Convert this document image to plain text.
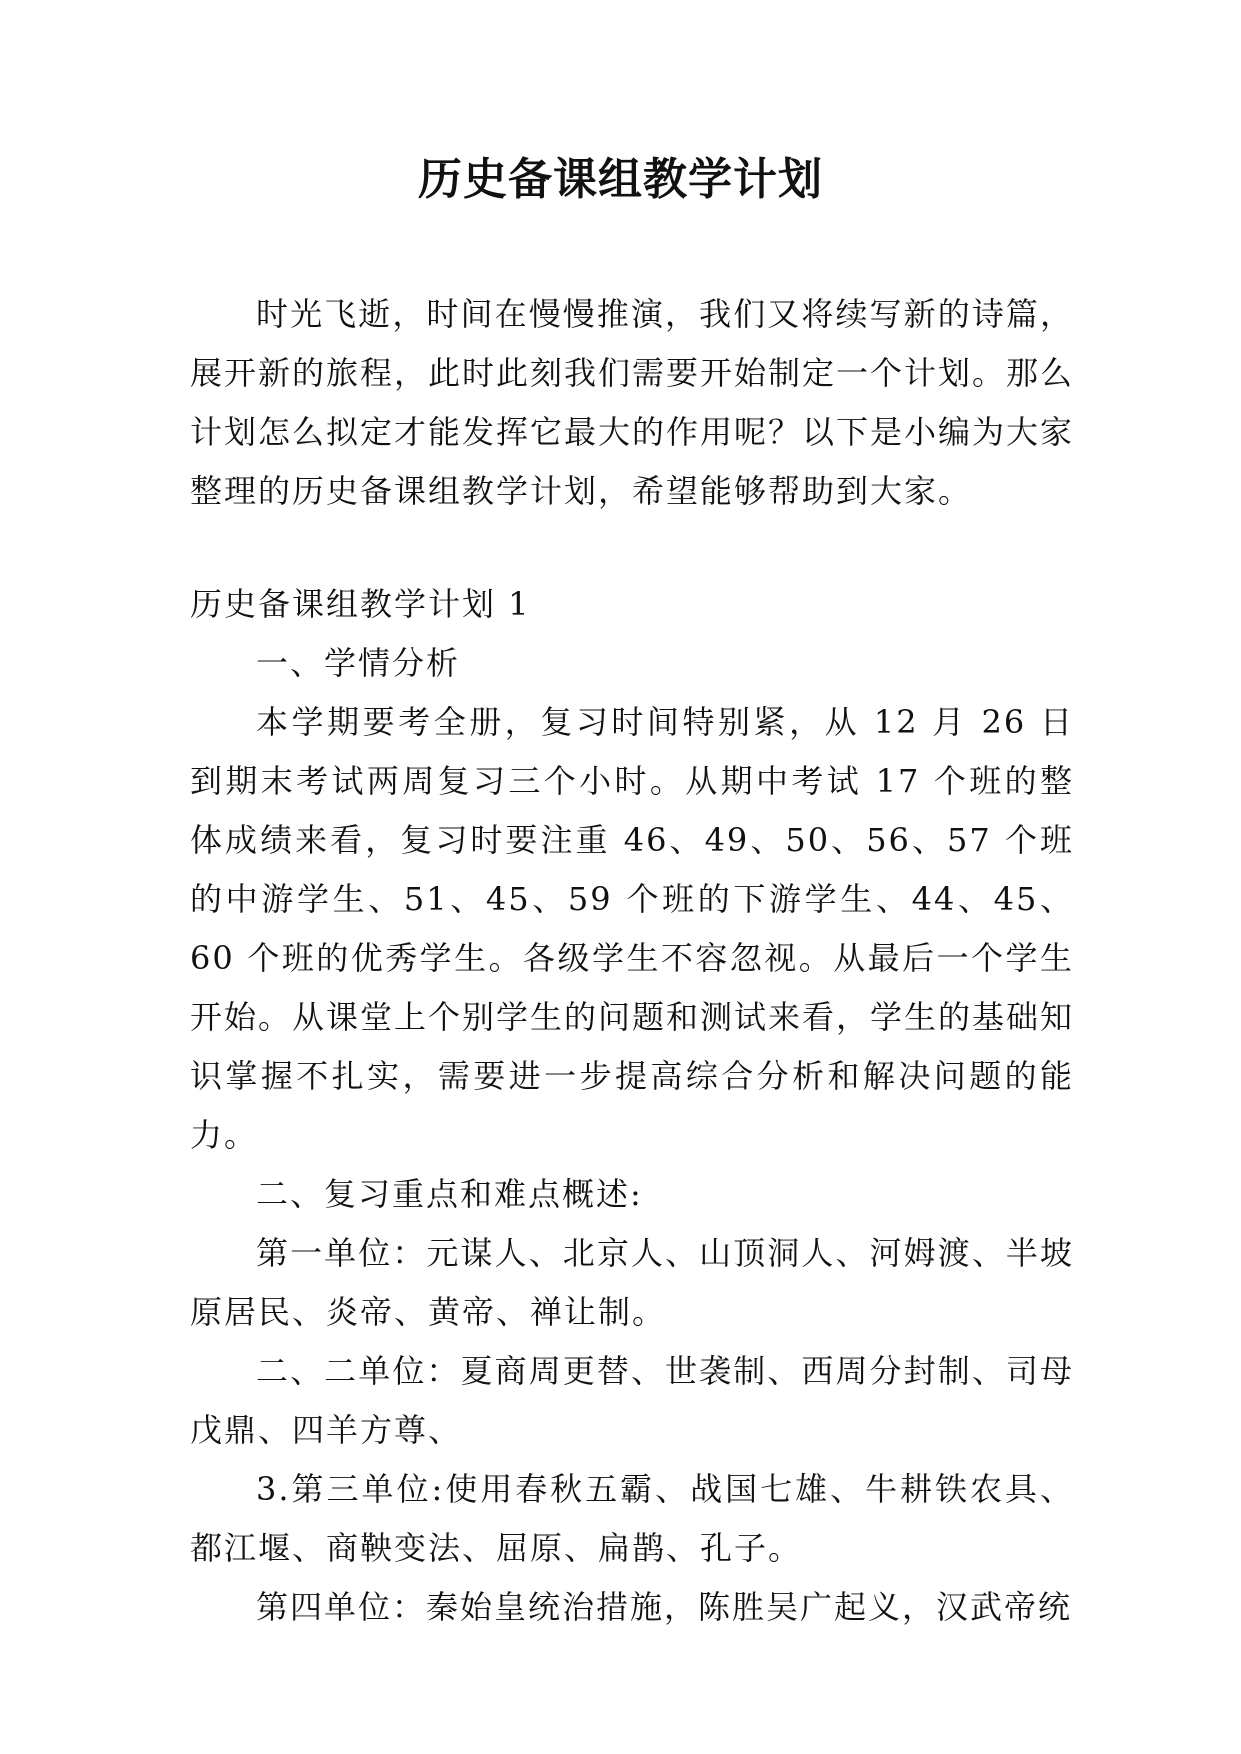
历史备课组教学计划

时光飞逝，时间在慢慢推演，我们又将续写新的诗篇，展开新的旅程，此时此刻我们需要开始制定一个计划。那么计划怎么拟定才能发挥它最大的作用呢？以下是小编为大家整理的历史备课组教学计划，希望能够帮助到大家。

历史备课组教学计划 1

一、学情分析

本学期要考全册，复习时间特别紧，从 12 月 26 日到期末考试两周复习三个小时。从期中考试 17 个班的整体成绩来看，复习时要注重 46、49、50、56、57 个班的中游学生、51、45、59 个班的下游学生、44、45、60 个班的优秀学生。各级学生不容忽视。从最后一个学生开始。从课堂上个别学生的问题和测试来看，学生的基础知识掌握不扎实，需要进一步提高综合分析和解决问题的能力。

二、复习重点和难点概述:

第一单位：元谋人、北京人、山顶洞人、河姆渡、半坡原居民、炎帝、黄帝、禅让制。

二、二单位：夏商周更替、世袭制、西周分封制、司母戊鼎、四羊方尊、

3.第三单位:使用春秋五霸、战国七雄、牛耕铁农具、都江堰、商鞅变法、屈原、扁鹊、孔子。

第四单位：秦始皇统治措施，陈胜吴广起义，汉武帝统
